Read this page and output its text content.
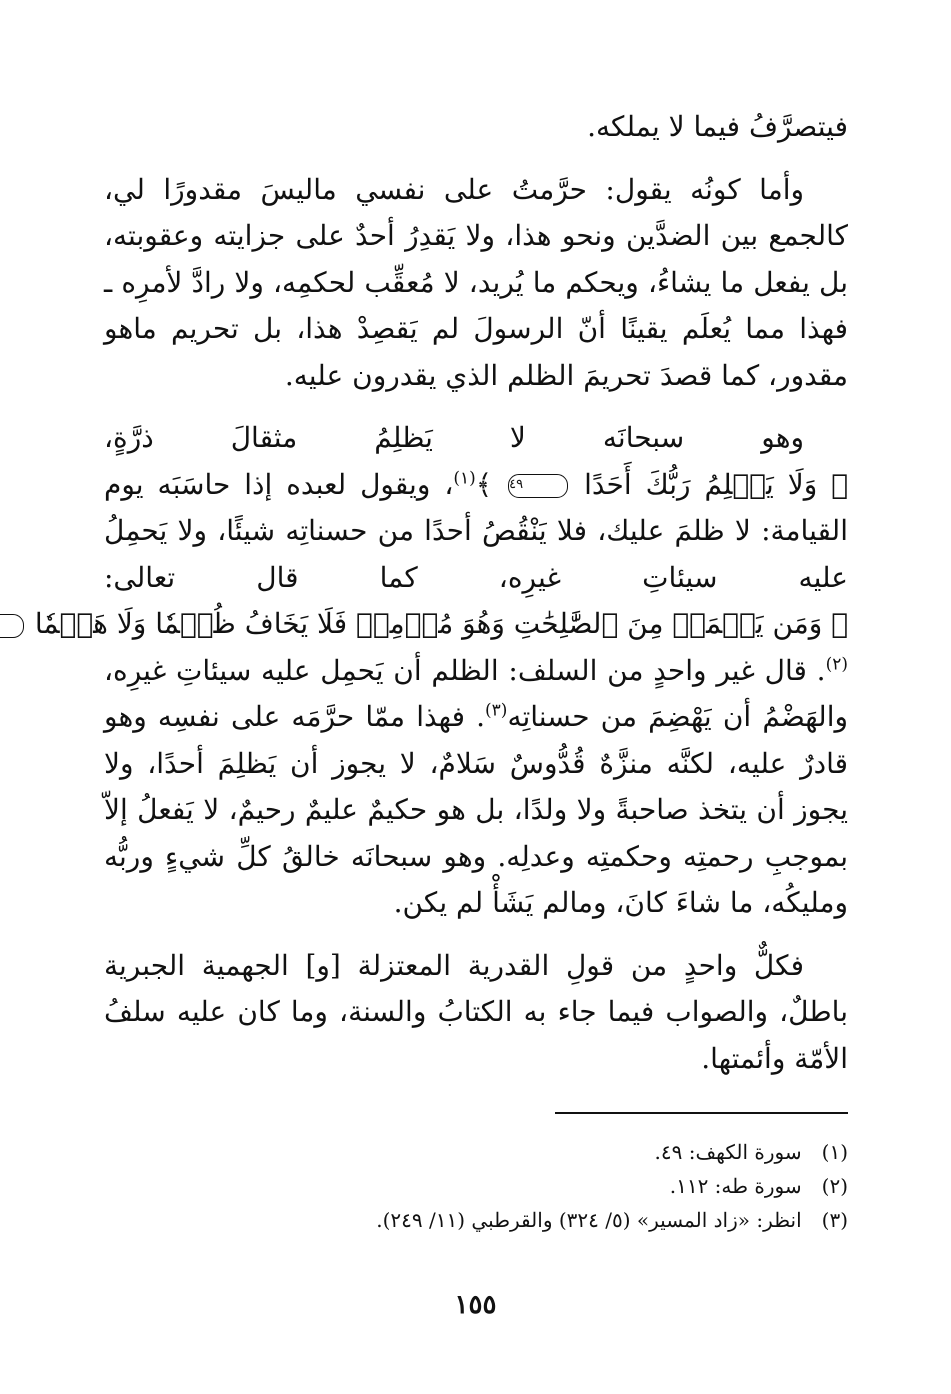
فيتصرَّفُ فيما لا يملكه.

وأما كونُه يقول: حرَّمتُ على نفسي ماليسَ مقدورًا لي، كالجمع بين الضدَّين ونحو هذا، ولا يَقدِرُ أحدٌ على جزايته وعقوبته، بل يفعل ما يشاءُ، ويحكم ما يُريد، لا مُعقِّب لحكمِه، ولا رادَّ لأمرِه ـ فهذا مما يُعلَم يقينًا أنّ الرسولَ لم يَقصِدْ هذا، بل تحريم ماهو مقدور، كما قصدَ تحريمَ الظلم الذي يقدرون عليه.

وهو سبحانَه لا يَظلِمُ مثقالَ ذرَّةٍ، ﴿ وَلَا يَظۡلِمُ رَبُّكَ أَحَدًا ٤٩ ﴾$^{(١)}$، ويقول لعبده إذا حاسَبَه يوم القيامة: لا ظلمَ عليك، فلا يَنْقُصُ أحدًا من حسناتِه شيئًا، ولا يَحمِلُ عليه سيئاتِ غيرِه، كما قال تعالى: ﴿ وَمَن يَعۡمَلۡ مِنَ ٱلصَّٰلِحَٰتِ وَهُوَ مُؤۡمِنٞ فَلَا يَخَافُ ظُلۡمٗا وَلَا هَضۡمٗا $^{(٢)}$. قال غير واحدٍ من السلف: الظلم أن يَحمِل عليه سيئاتِ غيرِه، والهَضْمُ أن يَهْضِمَ من حسناتِه$^{(٣)}$. فهذا ممّا حرَّمَه على نفسِه وهو قادرٌ عليه، لكنَّه منزَّهٌ قُدُّوسٌ سَلامٌ، لا يجوز أن يَظلِمَ أحدًا، ولا يجوز أن يتخذ صاحبةً ولا ولدًا، بل هو حكيمٌ عليمٌ رحيمٌ، لا يَفعلُ إلاّ بموجبِ رحمتِه وحكمتِه وعدلِه. وهو سبحانَه خالقُ كلِّ شيءٍ وربُّه ومليكُه، ما شاءَ كانَ، ومالم يَشَأْ لم يكن.

فكلٌّ واحدٍ من قولِ القدرية المعتزلة [و] الجهمية الجبرية باطلٌ، والصواب فيما جاء به الكتابُ والسنة، وما كان عليه سلفُ الأمّة وأئمتها.

(١) سورة الكهف: ٤٩.

(٢) سورة طه: ١١٢.

(٣) انظر: «زاد المسير» (٥/ ٣٢٤) والقرطبي (١١/ ٢٤٩).

١٥٥
